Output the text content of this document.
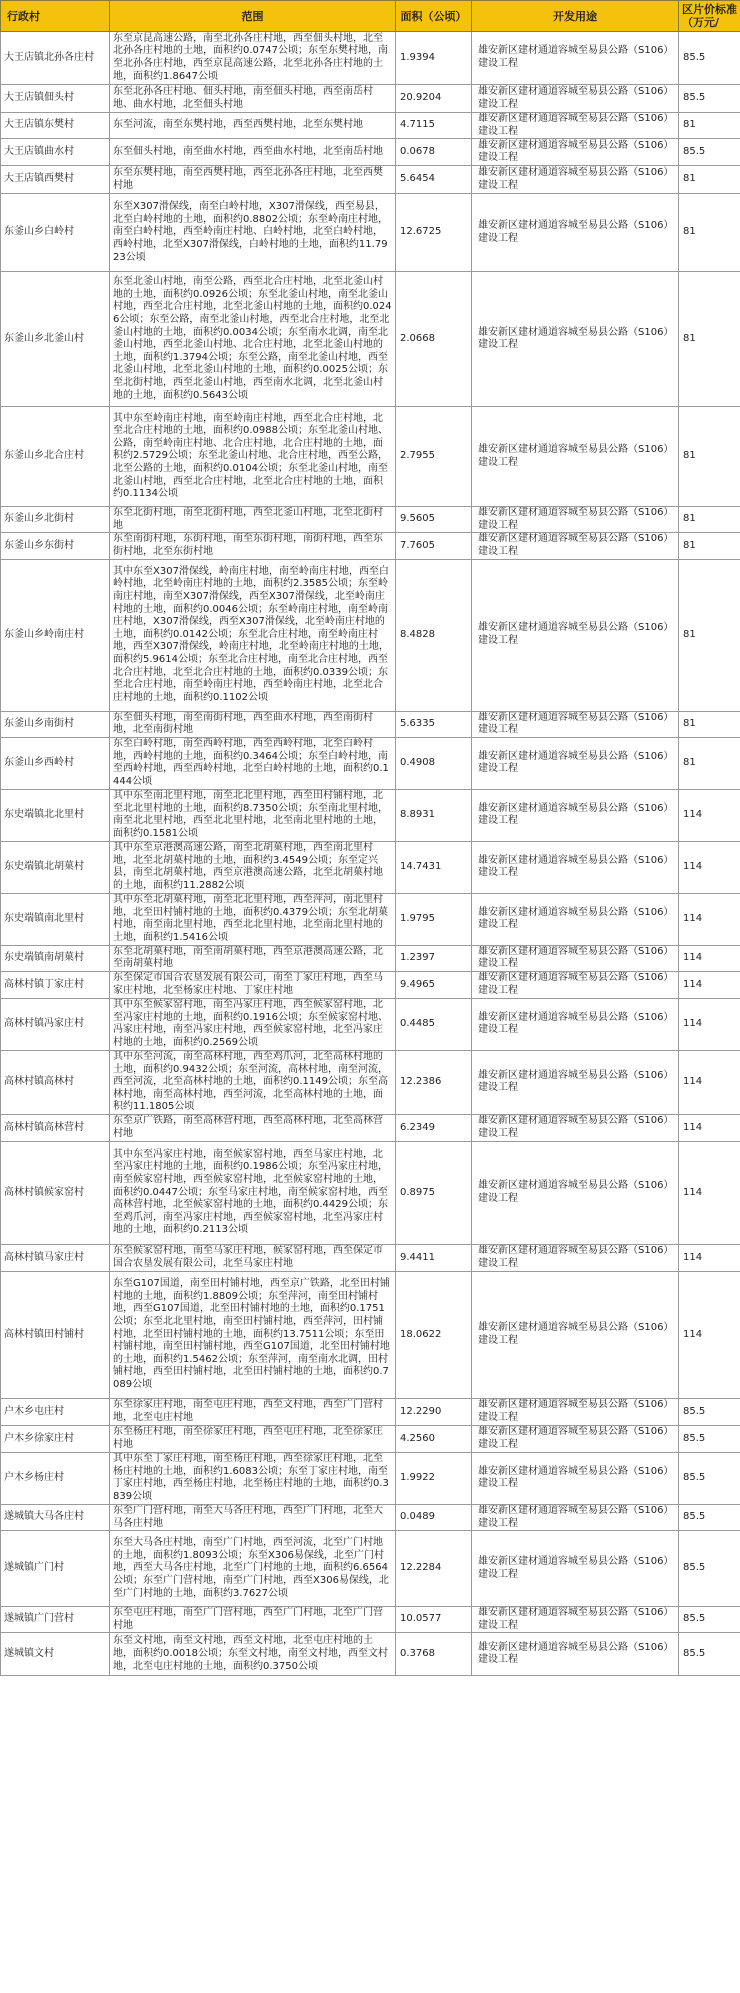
行政村	范围	面积（公顷）	开发用途	区片价标准（万元/
大王店镇北孙各庄村	东至京昆高速公路，南至北孙各庄村地，西至佃头村地，北至北孙各庄村地的土地，面积约0.0747公顷；东至东樊村地，南至北孙各庄村地，西至京昆高速公路，北至北孙各庄村地的土地，面积约1.8647公顷	1.9394	雄安新区建材通道容城至易县公路（S106）建设工程	85.5
大王店镇佃头村	东至北孙各庄村地、佃头村地，南至佃头村地，西至南岳村地、曲水村地，北至佃头村地	20.9204	雄安新区建材通道容城至易县公路（S106）建设工程	85.5
大王店镇东樊村	东至河流，南至东樊村地，西至西樊村地，北至东樊村地	4.7115	雄安新区建材通道容城至易县公路（S106）建设工程	81
大王店镇曲水村	东至佃头村地，南至曲水村地，西至曲水村地，北至南岳村地	0.0678	雄安新区建材通道容城至易县公路（S106）建设工程	85.5
大王店镇西樊村	东至东樊村地，南至西樊村地，西至北孙各庄村地，北至西樊村地	5.6454	雄安新区建材通道容城至易县公路（S106）建设工程	81
东釜山乡白岭村	东至X307滑保线，南至白岭村地，X307滑保线，西至易县，北至白岭村地的土地，面积约0.8802公顷；东至岭南庄村地，南至白岭村地，西至岭南庄村地、白岭村地，北至白岭村地，西岭村地，北至X307滑保线，白岭村地的土地，面积约11.7923公顷	12.6725	雄安新区建材通道容城至易县公路（S106）建设工程	81
东釜山乡北釜山村	东至北釜山村地，南至公路，西至北合庄村地，北至北釜山村地的土地，面积约0.0926公顷；东至北釜山村地，南至北釜山村地，西至北合庄村地，北至北釜山村地的土地，面积约0.0246公顷；东至公路，南至北釜山村地，西至北合庄村地，北至北釜山村地的土地，面积约0.0034公顷；东至南水北调，南至北釜山村地，西至北釜山村地、北合庄村地，北至北釜山村地的土地，面积约1.3794公顷；东至公路，南至北釜山村地，西至北釜山村地，北至北釜山村地的土地，面积约0.0025公顷；东至北街村地，西至北釜山村地，西至南水北调，北至北釜山村地的土地，面积约0.5643公顷	2.0668	雄安新区建材通道容城至易县公路（S106）建设工程	81
东釜山乡北合庄村	其中东至岭南庄村地，南至岭南庄村地，西至北合庄村地，北至北合庄村地的土地，面积约0.0988公顷；东至北釜山村地、公路，南至岭南庄村地、北合庄村地，北合庄村地的土地，面积约2.5729公顷；东至北釜山村地、北合庄村地，西至公路，北至公路的土地，面积约0.0104公顷；东至北釜山村地，南至北釜山村地，西至北合庄村地，北至北合庄村地的土地，面积约0.1134公顷	2.7955	雄安新区建材通道容城至易县公路（S106）建设工程	81
东釜山乡北街村	东至北街村地，南至北街村地，西至北釜山村地，北至北街村地	9.5605	雄安新区建材通道容城至易县公路（S106）建设工程	81
东釜山乡东街村	东至南街村地，东街村地，南至东街村地，南街村地，西至东街村地，北至东街村地	7.7605	雄安新区建材通道容城至易县公路（S106）建设工程	81
东釜山乡岭南庄村	其中东至X307滑保线，岭南庄村地，南至岭南庄村地，西至白岭村地，北至岭南庄村地的土地，面积约2.3585公顷；东至岭南庄村地，南至X307滑保线，西至X307滑保线，北至岭南庄村地的土地，面积约0.0046公顷；东至岭南庄村地，南至岭南庄村地，X307滑保线，西至X307滑保线，北至岭南庄村地的土地，面积约0.0142公顷；东至北合庄村地，南至岭南庄村地，西至X307滑保线，岭南庄村地，北至岭南庄村地的土地，面积约5.9614公顷；东至北合庄村地，南至北合庄村地，西至北合庄村地，北至北合庄村地的土地，面积约0.0339公顷；东至北合庄村地，南至岭南庄村地，西至岭南庄村地，北至北合庄村地的土地，面积约0.1102公顷	8.4828	雄安新区建材通道容城至易县公路（S106）建设工程	81
东釜山乡南街村	东至佃头村地，南至南街村地，西至曲水村地，西至南街村地，北至南街村地	5.6335	雄安新区建材通道容城至易县公路（S106）建设工程	81
东釜山乡西岭村	东至白岭村地，南至西岭村地，西至西岭村地，北至白岭村地，西岭村地的土地，面积约0.3464公顷；东至白岭村地，南至西岭村地，西至西岭村地，北至白岭村地的土地，面积约0.1444公顷	0.4908	雄安新区建材通道容城至易县公路（S106）建设工程	81
东史端镇北北里村	其中东至南北里村地，南至北北里村地，西至田村铺村地，北至北北里村地的土地，面积约8.7350公顷；东至南北里村地，南至北北里村地，西至北北里村地，北至南北里村地的土地，面积约0.1581公顷	8.8931	雄安新区建材通道容城至易县公路（S106）建设工程	114
东史端镇北胡菓村	其中东至京港澳高速公路，南至北胡菓村地，西至南北里村地，北至北胡菓村地的土地，面积约3.4549公顷；东至定兴县，南至北胡菓村地，西至京港澳高速公路，北至北胡菓村地的土地，面积约11.2882公顷	14.7431	雄安新区建材通道容城至易县公路（S106）建设工程	114
东史端镇南北里村	其中东至北胡菓村地，南至北北里村地，西至萍河，南北里村地，北至田村铺村地的土地，面积约0.4379公顷；东至北胡菓村地，南至南北里村地，西至北北里村地，北至南北里村地的土地，面积约1.5416公顷	1.9795	雄安新区建材通道容城至易县公路（S106）建设工程	114
东史端镇南胡菓村	东至北胡菓村地，南至南胡菓村地，西至京港澳高速公路，北至南胡菓村地	1.2397	雄安新区建材通道容城至易县公路（S106）建设工程	114
高林村镇丁家庄村	东至保定市国合农垦发展有限公司，南至丁家庄村地，西至马家庄村地，北至杨家庄村地、丁家庄村地	9.4965	雄安新区建材通道容城至易县公路（S106）建设工程	114
高林村镇冯家庄村	其中东至候家窑村地，南至冯家庄村地，西至候家窑村地，北至冯家庄村地的土地，面积约0.1916公顷；东至候家窑村地、冯家庄村地，南至冯家庄村地，西至候家窑村地，北至冯家庄村地的土地，面积约0.2569公顷	0.4485	雄安新区建材通道容城至易县公路（S106）建设工程	114
高林村镇高林村	其中东至河流，南至高林村地，西至鸡爪河，北至高林村地的土地，面积约0.9432公顷；东至河流，高林村地，南至河流，西至河流，北至高林村地的土地，面积约0.1149公顷；东至高林村地，南至高林村地，西至河流，北至高林村地的土地，面积约11.1805公顷	12.2386	雄安新区建材通道容城至易县公路（S106）建设工程	114
高林村镇高林营村	东至京广铁路，南至高林营村地，西至高林村地，北至高林营村地	6.2349	雄安新区建材通道容城至易县公路（S106）建设工程	114
高林村镇候家窑村	其中东至冯家庄村地，南至候家窑村地，西至马家庄村地，北至冯家庄村地的土地，面积约0.1986公顷；东至冯家庄村地，南至候家窑村地，西至候家窑村地，北至候家窑村地的土地，面积约0.0447公顷；东至马家庄村地，南至候家窑村地，西至高林营村地，北至候家窑村地的土地，面积约0.4429公顷；东至鸡爪河，南至冯家庄村地，西至候家窑村地，北至冯家庄村地的土地，面积约0.2113公顷	0.8975	雄安新区建材通道容城至易县公路（S106）建设工程	114
高林村镇马家庄村	东至候家窑村地，南至马家庄村地，候家窑村地，西至保定市国合农垦发展有限公司，北至马家庄村地	9.4411	雄安新区建材通道容城至易县公路（S106）建设工程	114
高林村镇田村铺村	东至G107国道，南至田村铺村地，西至京广铁路，北至田村铺村地的土地，面积约1.8809公顷；东至萍河，南至田村铺村地，西至G107国道，北至田村铺村地的土地，面积约0.1751公顷；东至北北里村地，南至田村铺村地，西至萍河，田村铺村地，北至田村铺村地的土地，面积约13.7511公顷；东至田村铺村地，南至田村铺村地，西至G107国道，北至田村铺村地的土地，面积约1.5462公顷；东至萍河，南至南水北调，田村铺村地，西至田村铺村地，北至田村铺村地的土地，面积约0.7089公顷	18.0622	雄安新区建材通道容城至易县公路（S106）建设工程	114
户木乡屯庄村	东至徐家庄村地，南至屯庄村地，西至文村地，西至广门营村地，北至屯庄村地	12.2290	雄安新区建材通道容城至易县公路（S106）建设工程	85.5
户木乡徐家庄村	东至杨庄村地，南至徐家庄村地，西至屯庄村地，北至徐家庄村地	4.2560	雄安新区建材通道容城至易县公路（S106）建设工程	85.5
户木乡杨庄村	其中东至丁家庄村地，南至杨庄村地，西至徐家庄村地，北至杨庄村地的土地，面积约1.6083公顷；东至丁家庄村地，南至丁家庄村地，西至杨庄村地，北至杨庄村地的土地，面积约0.3839公顷	1.9922	雄安新区建材通道容城至易县公路（S106）建设工程	85.5
遂城镇大马各庄村	东至广门营村地，南至大马各庄村地，西至广门村地，北至大马各庄村地	0.0489	雄安新区建材通道容城至易县公路（S106）建设工程	85.5
遂城镇广门村	东至大马各庄村地，南至广门村地，西至河流，北至广门村地的土地，面积约1.8093公顷；东至X306易保线，北至广门村地，西至大马各庄村地，北至广门村地的土地，面积约6.6564公顷；东至广门营村地，南至广门村地，西至X306易保线，北至广门村地的土地，面积约3.7627公顷	12.2284	雄安新区建材通道容城至易县公路（S106）建设工程	85.5
遂城镇广门营村	东至屯庄村地，南至广门营村地，西至广门村地，北至广门营村地	10.0577	雄安新区建材通道容城至易县公路（S106）建设工程	85.5
遂城镇文村	东至文村地，南至文村地，西至文村地，北至屯庄村地的土地，面积约0.0018公顷；东至文村地，南至文村地，西至文村地，北至屯庄村地的土地，面积约0.3750公顷	0.3768	雄安新区建材通道容城至易县公路（S106）建设工程	85.5
